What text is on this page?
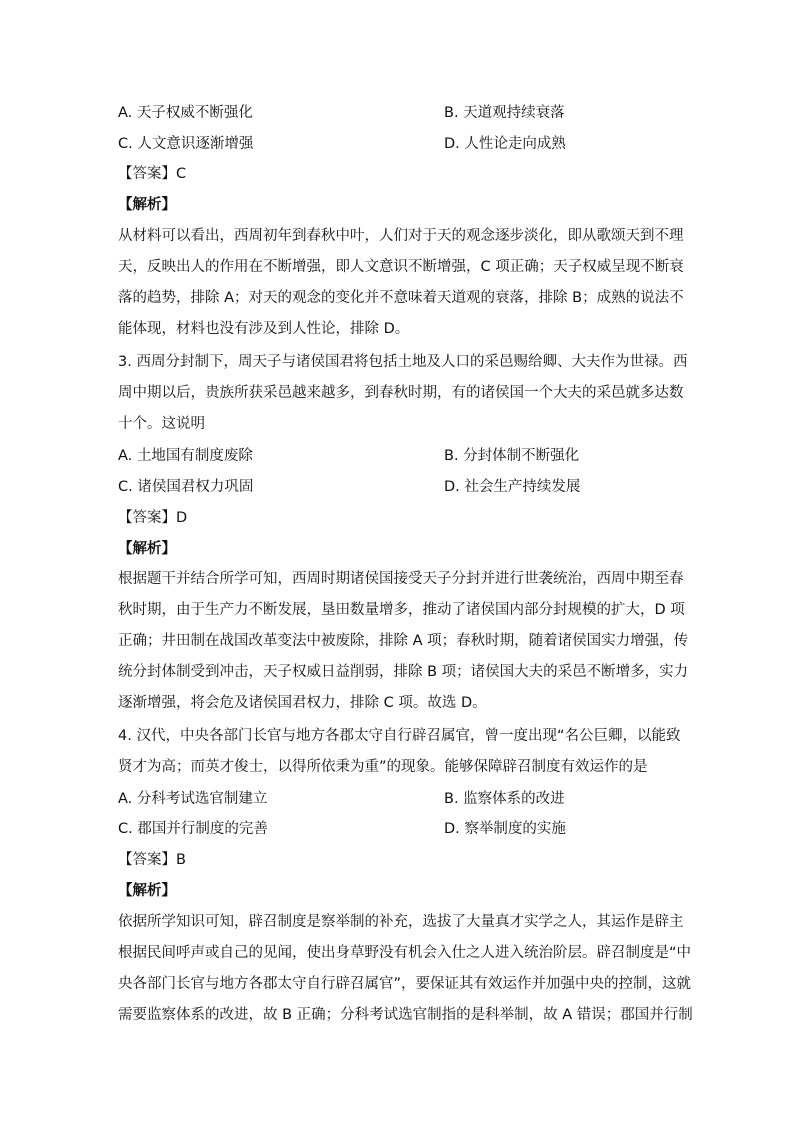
A. 天子权威不断强化	B. 天道观持续衰落
C. 人文意识逐渐增强	D. 人性论走向成熟
【答案】C
【解析】
从材料可以看出，西周初年到春秋中叶，人们对于天的观念逐步淡化，即从歌颂天到不理
天，反映出人的作用在不断增强，即人文意识不断增强，C 项正确；天子权威呈现不断衰
落的趋势，排除 A；对天的观念的变化并不意味着天道观的衰落，排除 B；成熟的说法不
能体现，材料也没有涉及到人性论，排除 D。
3. 西周分封制下，周天子与诸侯国君将包括土地及人口的采邑赐给卿、大夫作为世禄。西
周中期以后，贵族所获采邑越来越多，到春秋时期，有的诸侯国一个大夫的采邑就多达数
十个。这说明
A. 土地国有制度废除	B. 分封体制不断强化
C. 诸侯国君权力巩固	D. 社会生产持续发展
【答案】D
【解析】
根据题干并结合所学可知，西周时期诸侯国接受天子分封并进行世袭统治，西周中期至春
秋时期，由于生产力不断发展，垦田数量增多，推动了诸侯国内部分封规模的扩大，D 项
正确；井田制在战国改革变法中被废除，排除 A 项；春秋时期，随着诸侯国实力增强，传
统分封体制受到冲击，天子权威日益削弱，排除 B 项；诸侯国大夫的采邑不断增多，实力
逐渐增强，将会危及诸侯国君权力，排除 C 项。故选 D。
4. 汉代，中央各部门长官与地方各郡太守自行辟召属官，曾一度出现“名公巨卿，以能致
贤才为高；而英才俊士，以得所依秉为重”的现象。能够保障辟召制度有效运作的是
A. 分科考试选官制建立	B. 监察体系的改进
C. 郡国并行制度的完善	D. 察举制度的实施
【答案】B
【解析】
依据所学知识可知，辟召制度是察举制的补充，选拔了大量真才实学之人，其运作是辟主
根据民间呼声或自己的见闻，使出身草野没有机会入仕之人进入统治阶层。辟召制度是“中
央各部门长官与地方各郡太守自行辟召属官”，要保证其有效运作并加强中央的控制，这就
需要监察体系的改进，故 B 正确；分科考试选官制指的是科举制，故 A 错误；郡国并行制
